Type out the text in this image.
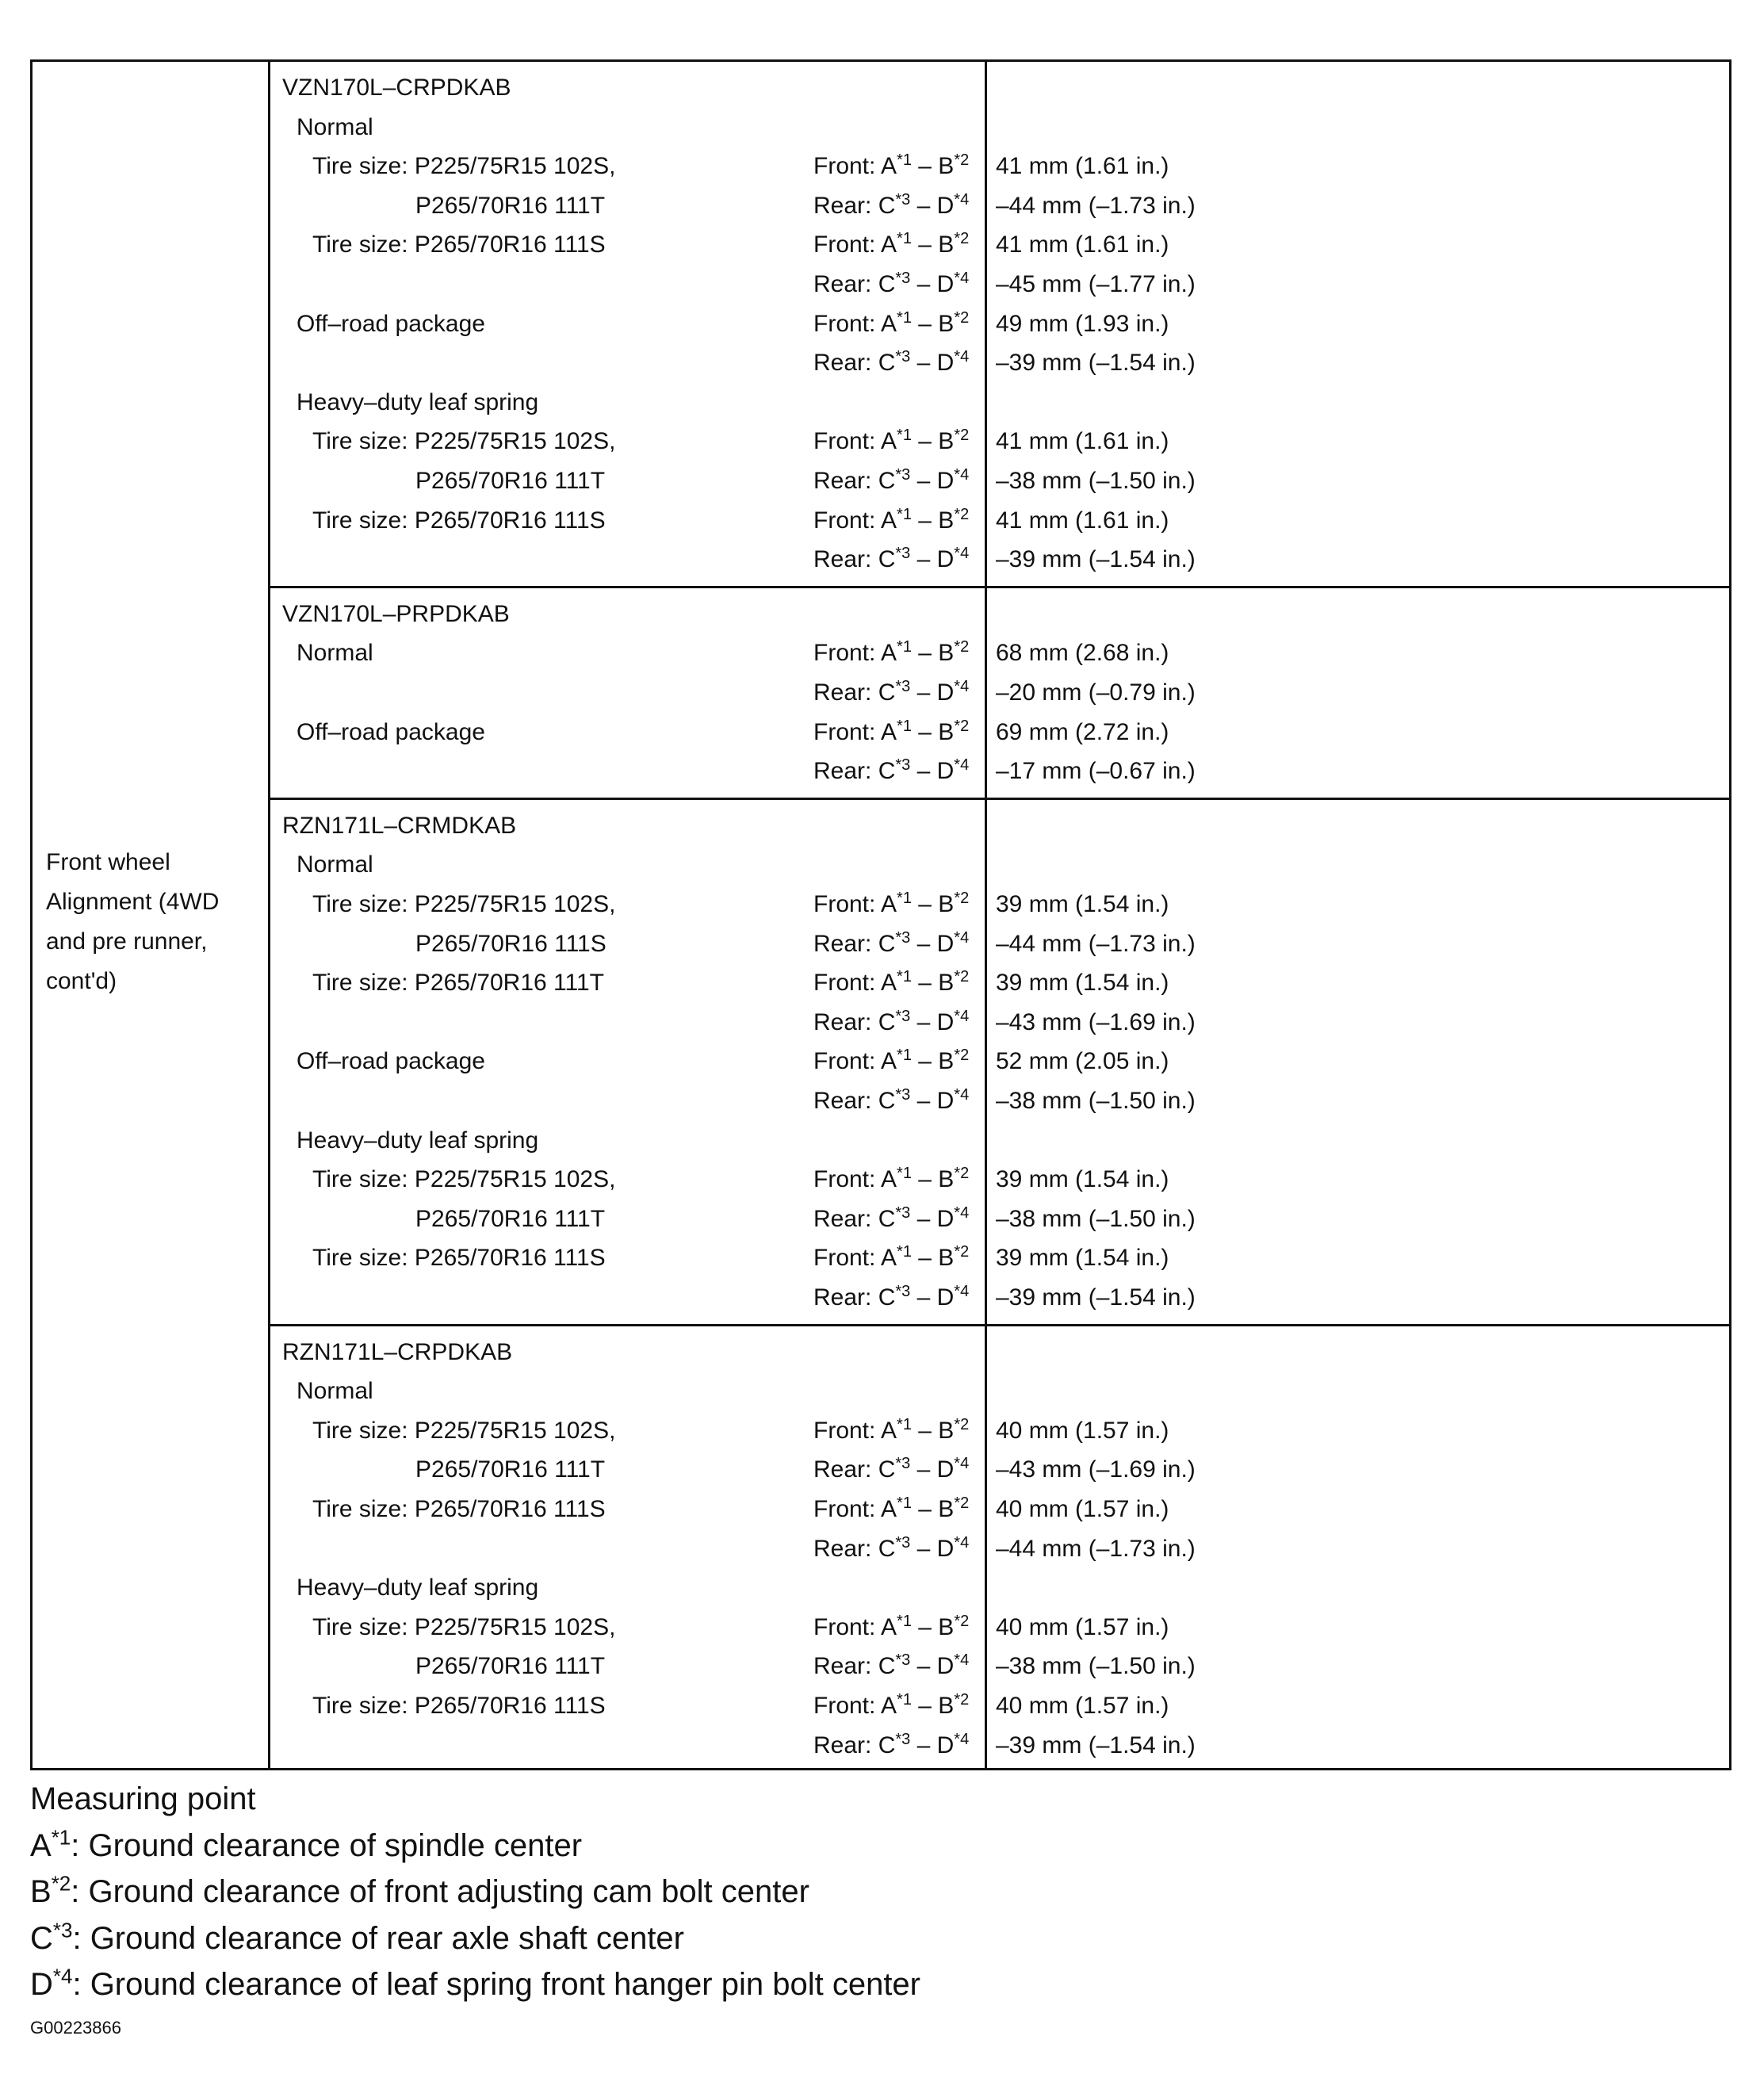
Front wheel Alignment (4WD and pre runner, cont'd)
VZN170L–CRPDKAB
Normal
Tire size: P225/75R15 102S,	Front: $A^{*1} - B^{*2}$ 41 mm (1.61 in.)
P265/70R16 111T	Rear: $C^{*3} - D^{*4}$ –44 mm (–1.73 in.)
Tire size: P265/70R16 111S	Front: $A^{*1} - B^{*2}$ 41 mm (1.61 in.)
Rear: $C^{*3} - D^{*4}$ –45 mm (–1.77 in.)
Off–road package	Front: $A^{*1} - B^{*2}$ 49 mm (1.93 in.)
Rear: $C^{*3} - D^{*4}$ –39 mm (–1.54 in.)
Heavy–duty leaf spring
Tire size: P225/75R15 102S,	Front: $A^{*1} - B^{*2}$ 41 mm (1.61 in.)
P265/70R16 111T	Rear: $C^{*3} - D^{*4}$ –38 mm (–1.50 in.)
Tire size: P265/70R16 111S	Front: $A^{*1} - B^{*2}$ 41 mm (1.61 in.)
Rear: $C^{*3} - D^{*4}$ –39 mm (–1.54 in.)
VZN170L–PRPDKAB
Normal	Front: $A^{*1} - B^{*2}$ 68 mm (2.68 in.)
Rear: $C^{*3} - D^{*4}$ –20 mm (–0.79 in.)
Off–road package	Front: $A^{*1} - B^{*2}$ 69 mm (2.72 in.)
Rear: $C^{*3} - D^{*4}$ –17 mm (–0.67 in.)
RZN171L–CRMDKAB
Normal
Tire size: P225/75R15 102S,	Front: $A^{*1} - B^{*2}$ 39 mm (1.54 in.)
P265/70R16 111S	Rear: $C^{*3} - D^{*4}$ –44 mm (–1.73 in.)
Tire size: P265/70R16 111T	Front: $A^{*1} - B^{*2}$ 39 mm (1.54 in.)
Rear: $C^{*3} - D^{*4}$ –43 mm (–1.69 in.)
Off–road package	Front: $A^{*1} - B^{*2}$ 52 mm (2.05 in.)
Rear: $C^{*3} - D^{*4}$ –38 mm (–1.50 in.)
Heavy–duty leaf spring
Tire size: P225/75R15 102S,	Front: $A^{*1} - B^{*2}$ 39 mm (1.54 in.)
P265/70R16 111T	Rear: $C^{*3} - D^{*4}$ –38 mm (–1.50 in.)
Tire size: P265/70R16 111S	Front: $A^{*1} - B^{*2}$ 39 mm (1.54 in.)
Rear: $C^{*3} - D^{*4}$ –39 mm (–1.54 in.)
RZN171L–CRPDKAB
Normal
Tire size: P225/75R15 102S,	Front: $A^{*1} - B^{*2}$ 40 mm (1.57 in.)
P265/70R16 111T	Rear: $C^{*3} - D^{*4}$ –43 mm (–1.69 in.)
Tire size: P265/70R16 111S	Front: $A^{*1} - B^{*2}$ 40 mm (1.57 in.)
Rear: $C^{*3} - D^{*4}$ –44 mm (–1.73 in.)
Heavy–duty leaf spring
Tire size: P225/75R15 102S,	Front: $A^{*1} - B^{*2}$ 40 mm (1.57 in.)
P265/70R16 111T	Rear: $C^{*3} - D^{*4}$ –38 mm (–1.50 in.)
Tire size: P265/70R16 111S	Front: $A^{*1} - B^{*2}$ 40 mm (1.57 in.)
Rear: $C^{*3} - D^{*4}$ –39 mm (–1.54 in.)
Measuring point
$A^{*1}$: Ground clearance of spindle center
$B^{*2}$: Ground clearance of front adjusting cam bolt center
$C^{*3}$: Ground clearance of rear axle shaft center
$D^{*4}$: Ground clearance of leaf spring front hanger pin bolt center
G00223866
